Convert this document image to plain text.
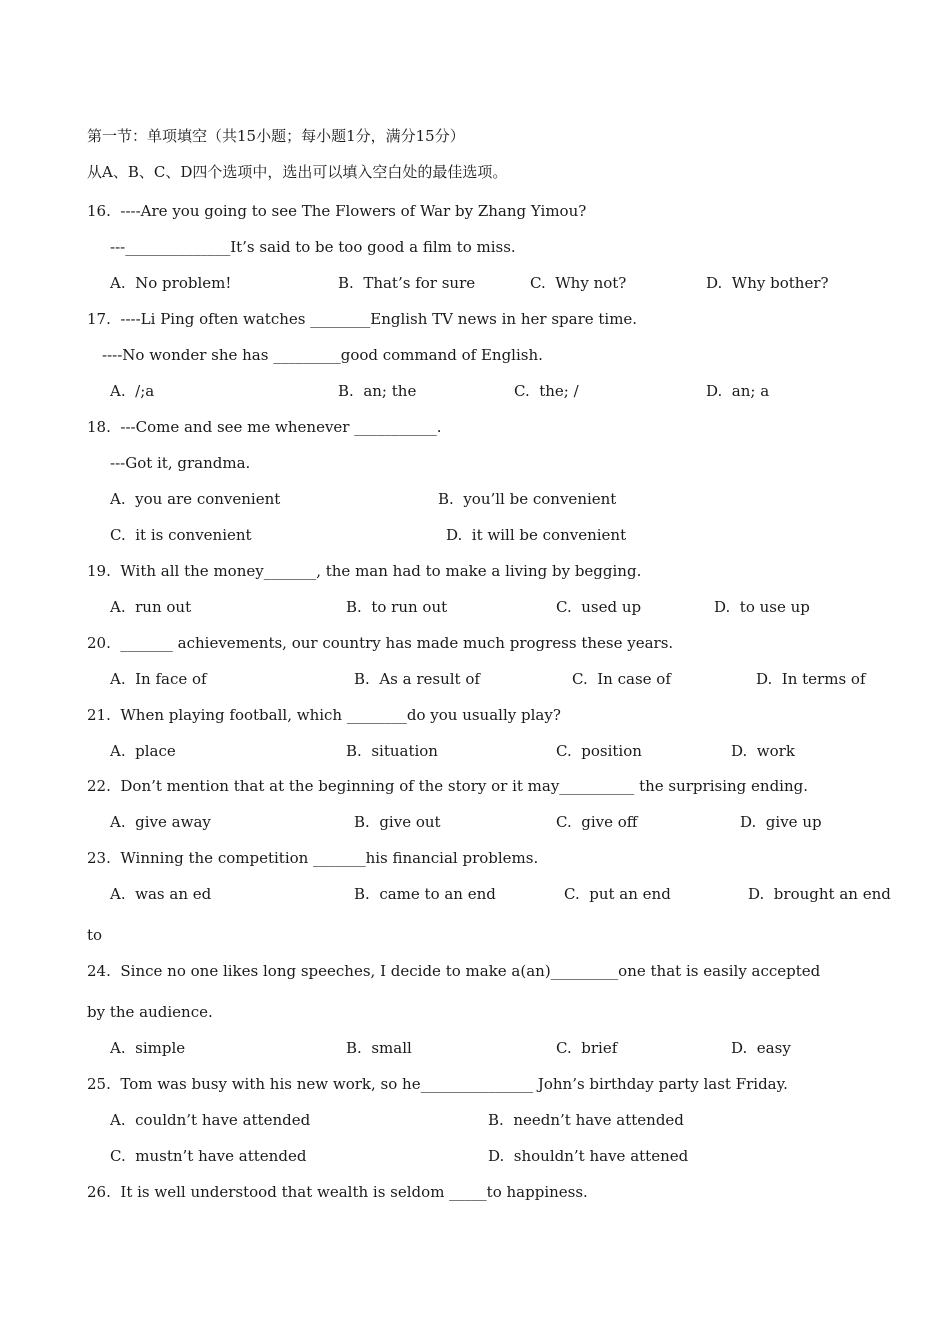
第一节：单项填空（共15小题；每小题1分，满分15分）
从A、B、C、D四个选项中，选出可以填入空白处的最佳选项。
16.  ----Are you going to see The Flowers of War by Zhang Yimou?
---______________It’s said to be too good a film to miss.
A.  No problem!	B.  That’s for sure	C.  Why not?	D.  Why bother?
17.  ----Li Ping often watches ________English TV news in her spare time.
----No wonder she has _________good command of English.
A.  /;a	B.  an; the	C.  the; /	D.  an; a
18.  ---Come and see me whenever ___________.
---Got it, grandma.
A.  you are convenient	B.  you’ll be convenient
C.  it is convenient	D.  it will be convenient
19.  With all the money_______, the man had to make a living by begging.
A.  run out	B.  to run out	C.  used up	D.  to use up
20.  _______ achievements, our country has made much progress these years.
A.  In face of	B.  As a result of	C.  In case of	D.  In terms of
21.  When playing football, which ________do you usually play?
A.  place	B.  situation	C.  position	D.  work
22.  Don’t mention that at the beginning of the story or it may__________ the surprising ending.
A.  give away	B.  give out	C.  give off	D.  give up
23.  Winning the competition _______his financial problems.
A.  was an ed	B.  came to an end	C.  put an end	D.  brought an end
to
24.  Since no one likes long speeches, I decide to make a(an)_________one that is easily accepted
by the audience.
A.  simple	B.  small	C.  brief	D.  easy
25.  Tom was busy with his new work, so he_______________ John’s birthday party last Friday.
A.  couldn’t have attended	B.  needn’t have attended
C.  mustn’t have attended	D.  shouldn’t have attened
26.  It is well understood that wealth is seldom _____to happiness.
